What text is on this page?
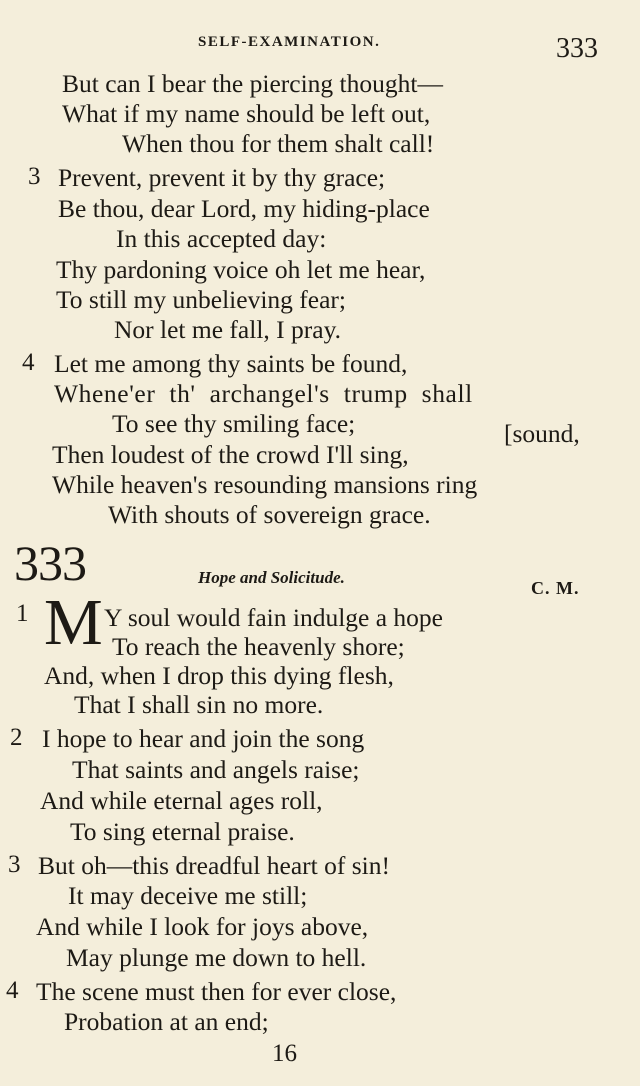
SELF-EXAMINATION.	333
But can I bear the piercing thought—
What if my name should be left out,
When thou for them shalt call!
3 Prevent, prevent it by thy grace;
Be thou, dear Lord, my hiding-place
In this accepted day:
Thy pardoning voice oh let me hear,
To still my unbelieving fear;
Nor let me fall, I pray.
4 Let me among thy saints be found,
Whene'er th' archangel's trump shall
To see thy smiling face;	[sound,
Then loudest of the crowd I'll sing,
While heaven's resounding mansions ring
With shouts of sovereign grace.
333	Hope and Solicitude.
C. M.
1 M Y soul would fain indulge a hope
To reach the heavenly shore;
And, when I drop this dying flesh,
That I shall sin no more.
2 I hope to hear and join the song
That saints and angels raise;
And while eternal ages roll,
To sing eternal praise.
3 But oh—this dreadful heart of sin!
It may deceive me still;
And while I look for joys above,
May plunge me down to hell.
4 The scene must then for ever close,
Probation at an end;
16
